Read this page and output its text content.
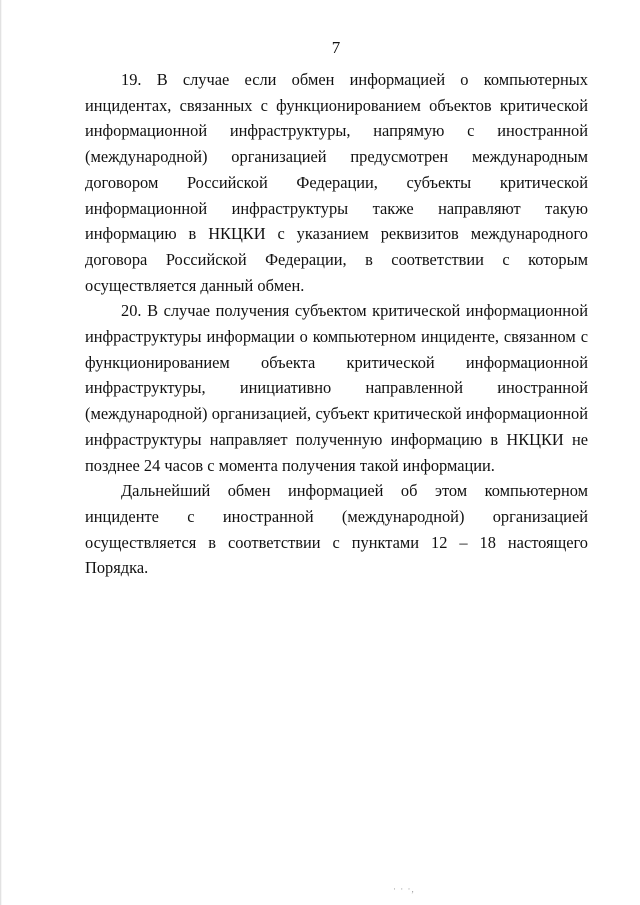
7

19. В случае если обмен информацией о компьютерных инцидентах, связанных с функционированием объектов критической информационной инфраструктуры, напрямую с иностранной (международной) организацией предусмотрен международным договором Российской Федерации, субъекты критической информационной инфраструктуры также направляют такую информацию в НКЦКИ с указанием реквизитов международного договора Российской Федерации, в соответствии с которым осуществляется данный обмен.

20. В случае получения субъектом критической информационной инфраструктуры информации о компьютерном инциденте, связанном с функционированием объекта критической информационной инфраструктуры, инициативно направленной иностранной (международной) организацией, субъект критической информационной инфраструктуры направляет полученную информацию в НКЦКИ не позднее 24 часов с момента получения такой информации.

Дальнейший обмен информацией об этом компьютерном инциденте с иностранной (международной) организацией осуществляется в соответствии с пунктами 12 – 18 настоящего Порядка.

· · ·,
